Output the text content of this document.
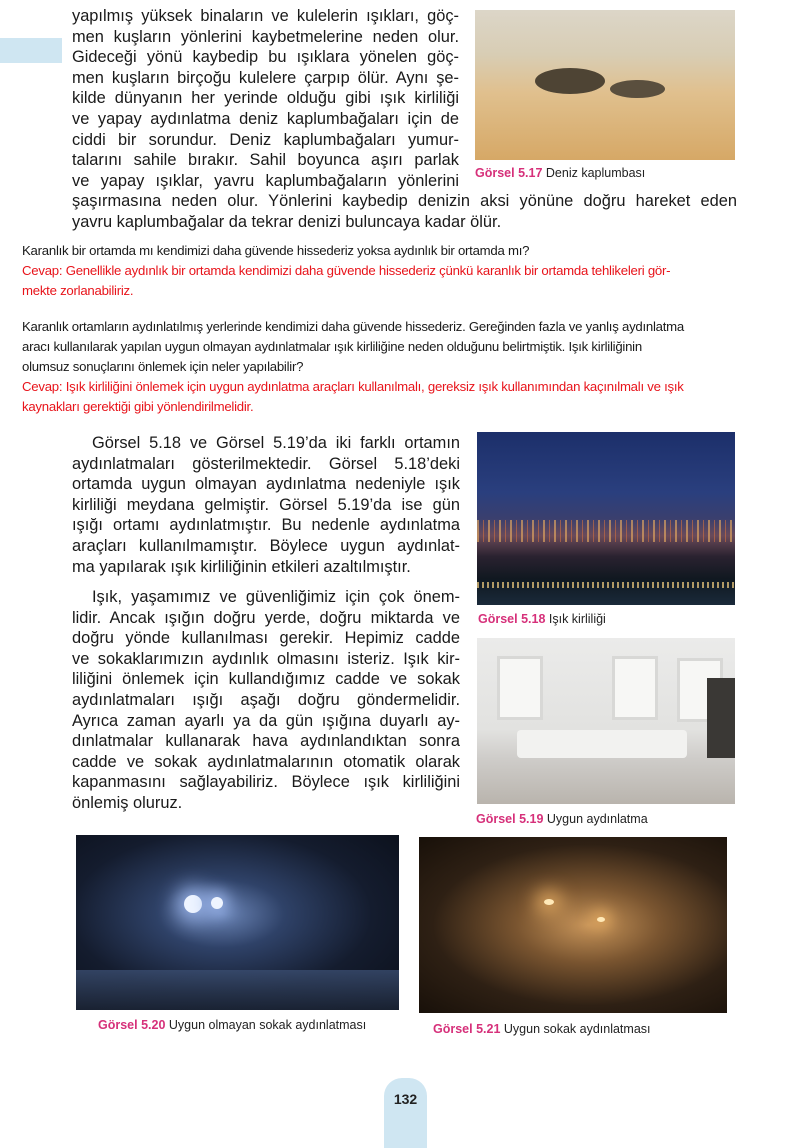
yapılmış yüksek binaların ve kulelerin ışıkları, göç-
men kuşların yönlerini kaybetmelerine neden olur.
Gideceği yönü kaybedip bu ışıklara yönelen göç-
men kuşların birçoğu kulelere çarpıp ölür. Aynı şe-
kilde dünyanın her yerinde olduğu gibi ışık kirliliği
ve yapay aydınlatma deniz kaplumbağaları için de
ciddi bir sorundur. Deniz kaplumbağaları yumur-
talarını sahile bırakır. Sahil boyunca aşırı parlak
ve yapay ışıklar, yavru kaplumbağaların yönlerini
şaşırmasına neden olur. Yönlerini kaybedip denizin aksi yönüne doğru hareket eden
yavru kaplumbağalar da tekrar denizi buluncaya kadar ölür.
Görsel 5.17 Deniz kaplumbası
Karanlık bir ortamda mı kendimizi daha güvende hissederiz yoksa aydınlık bir ortamda mı?
Cevap: Genellikle aydınlık bir ortamda kendimizi daha güvende hissederiz çünkü karanlık bir ortamda tehlikeleri gör-
mekte zorlanabiliriz.
Karanlık ortamların aydınlatılmış yerlerinde kendimizi daha güvende hissederiz. Gereğinden fazla ve yanlış aydınlatma
aracı kullanılarak yapılan uygun olmayan aydınlatmalar ışık kirliliğine neden olduğunu belirtmiştik. Işık kirliliğinin
olumsuz sonuçlarını önlemek için neler yapılabilir?
Cevap: Işık kirliliğini önlemek için uygun aydınlatma araçları kullanılmalı, gereksiz ışık kullanımından kaçınılmalı ve ışık
kaynakları gerektiği gibi yönlendirilmelidir.
Görsel 5.18 ve Görsel 5.19’da iki farklı ortamın
aydınlatmaları gösterilmektedir. Görsel 5.18’deki
ortamda uygun olmayan aydınlatma nedeniyle ışık
kirliliği meydana gelmiştir. Görsel 5.19’da ise gün
ışığı ortamı aydınlatmıştır. Bu nedenle aydınlatma
araçları kullanılmamıştır. Böylece uygun aydınlat-
ma yapılarak ışık kirliliğinin etkileri azaltılmıştır.
Işık, yaşamımız ve güvenliğimiz için çok önem-
lidir. Ancak ışığın doğru yerde, doğru miktarda ve
doğru yönde kullanılması gerekir. Hepimiz cadde
ve sokaklarımızın aydınlık olmasını isteriz. Işık kir-
liliğini önlemek için kullandığımız cadde ve sokak
aydınlatmaları ışığı aşağı doğru göndermelidir.
Ayrıca zaman ayarlı ya da gün ışığına duyarlı ay-
dınlatmalar kullanarak hava aydınlandıktan sonra
cadde ve sokak aydınlatmalarının otomatik olarak
kapanmasını sağlayabiliriz. Böylece ışık kirliliğini
önlemiş oluruz.
Görsel 5.18 Işık kirliliği
Görsel 5.19 Uygun aydınlatma
Görsel 5.20 Uygun olmayan sokak aydınlatması	Görsel 5.21 Uygun sokak aydınlatması
132
